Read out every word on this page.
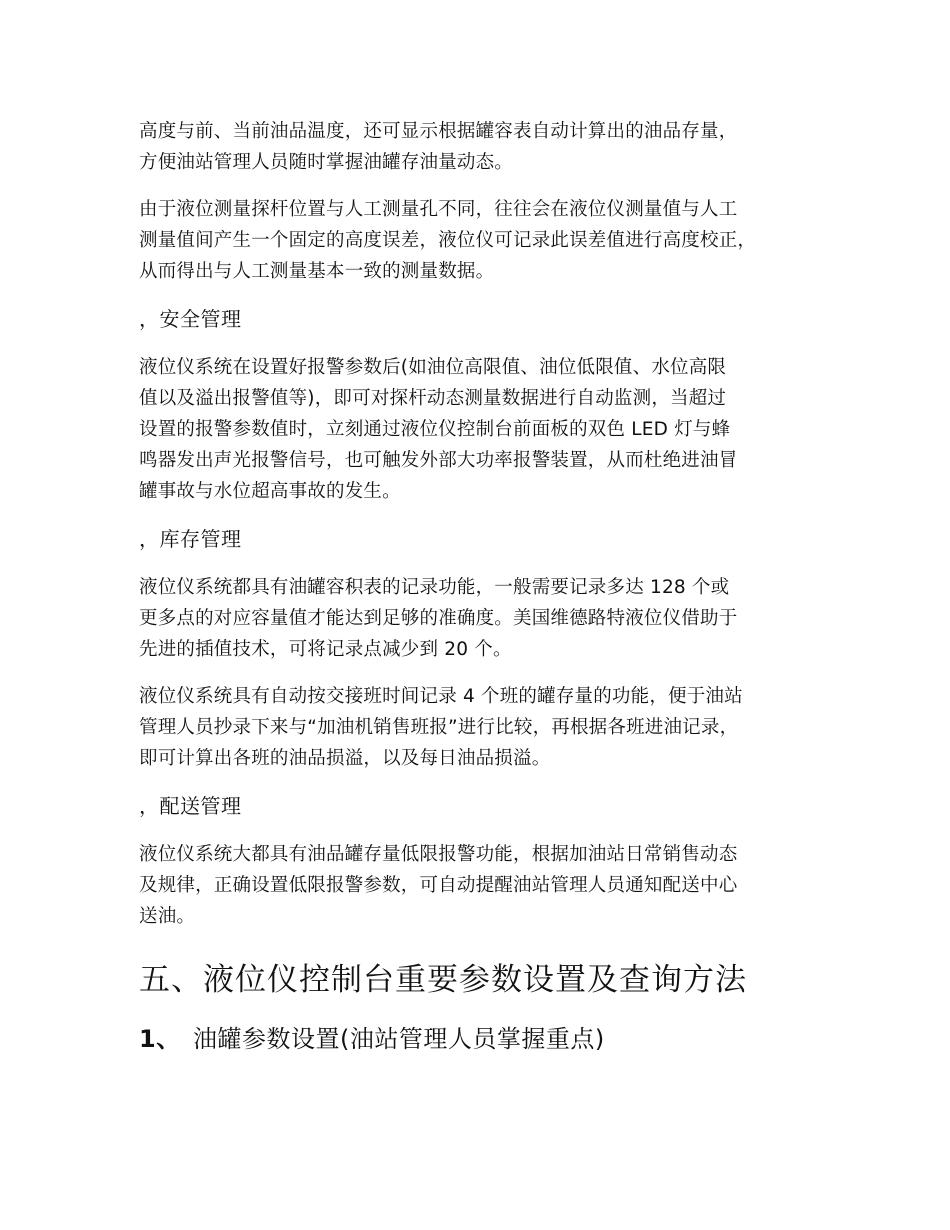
高度与前、当前油品温度，还可显示根据罐容表自动计算出的油品存量，
方便油站管理人员随时掌握油罐存油量动态。

由于液位测量探杆位置与人工测量孔不同，往往会在液位仪测量值与人工
测量值间产生一个固定的高度误差，液位仪可记录此误差值进行高度校正，
从而得出与人工测量基本一致的测量数据。

，安全管理

液位仪系统在设置好报警参数后(如油位高限值、油位低限值、水位高限
值以及溢出报警值等)，即可对探杆动态测量数据进行自动监测，当超过
设置的报警参数值时，立刻通过液位仪控制台前面板的双色 LED 灯与蜂
鸣器发出声光报警信号，也可触发外部大功率报警装置，从而杜绝进油冒
罐事故与水位超高事故的发生。

，库存管理

液位仪系统都具有油罐容积表的记录功能，一般需要记录多达 128 个或
更多点的对应容量值才能达到足够的准确度。美国维德路特液位仪借助于
先进的插值技术，可将记录点减少到 20 个。

液位仪系统具有自动按交接班时间记录 4 个班的罐存量的功能，便于油站
管理人员抄录下来与“加油机销售班报”进行比较，再根据各班进油记录，
即可计算出各班的油品损溢，以及每日油品损溢。

，配送管理

液位仪系统大都具有油品罐存量低限报警功能，根据加油站日常销售动态
及规律，正确设置低限报警参数，可自动提醒油站管理人员通知配送中心
送油。

五、液位仪控制台重要参数设置及查询方法
1、 油罐参数设置(油站管理人员掌握重点)
